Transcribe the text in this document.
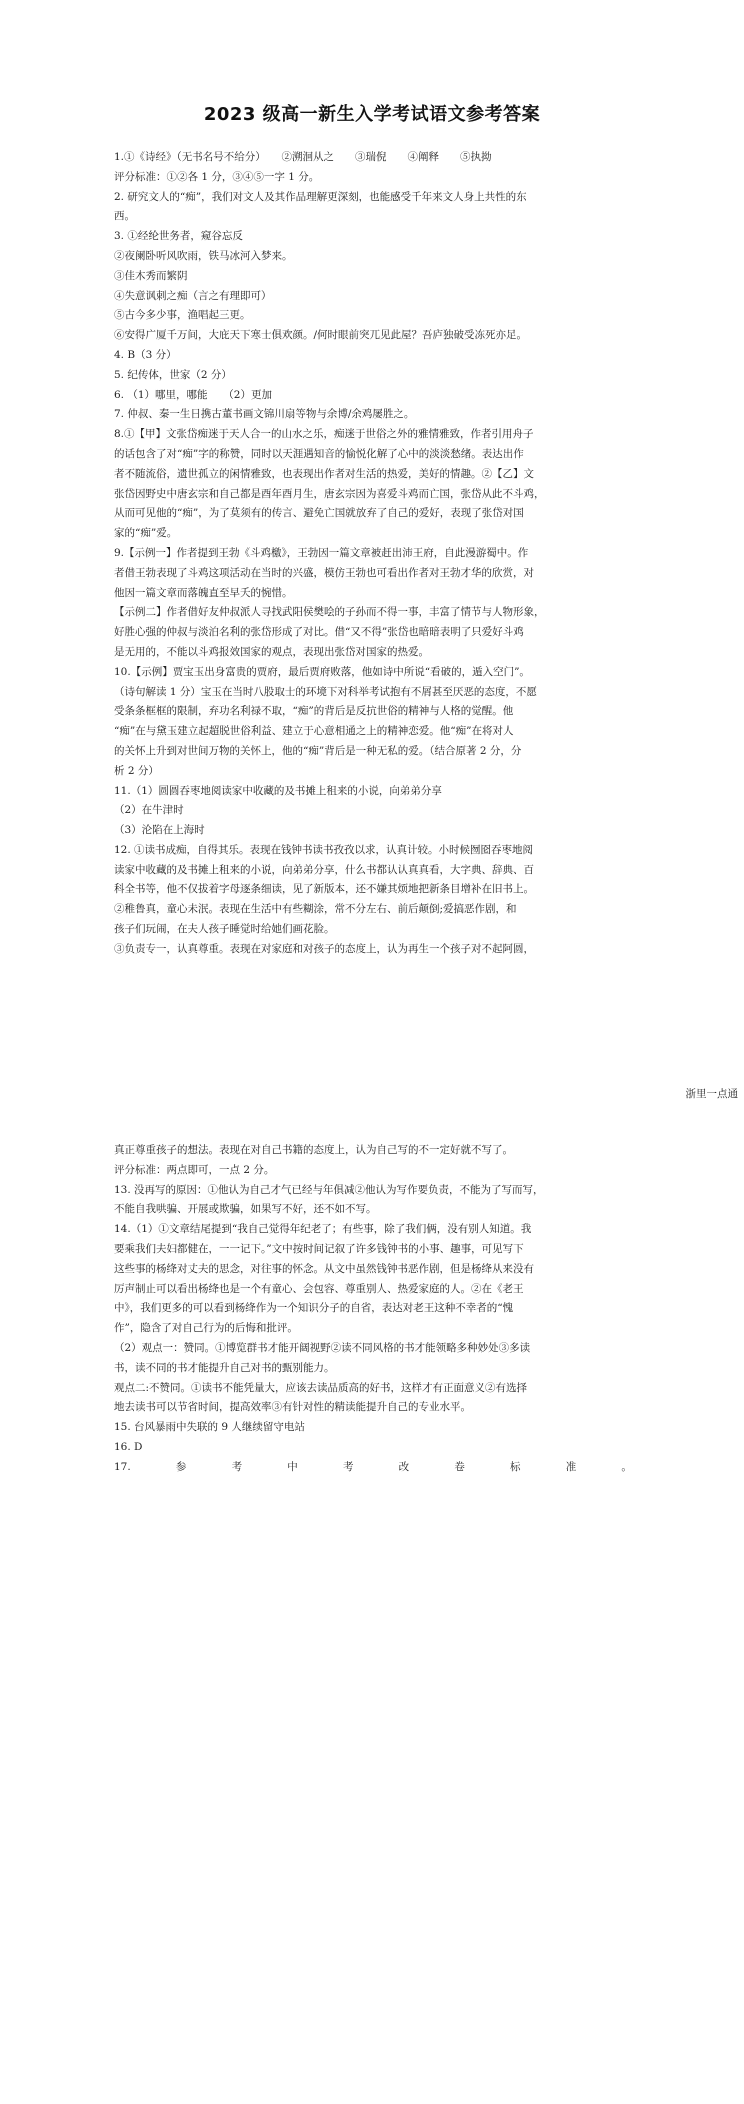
2023 级高一新生入学考试语文参考答案

1.①《诗经》（无书名号不给分）　　②溯洄从之　　③瑞倪　　④阐释　　⑤执拗

评分标准：①②各 1 分，③④⑤一字 1 分。

2. 研究文人的“痴”，我们对文人及其作品理解更深刻，也能感受千年来文人身上共性的东

西。

3. ①经纶世务者，窥谷忘反

②夜阑卧听风吹雨，铁马冰河入梦来。

③佳木秀而繁阴

④失意讽刺之痴（言之有理即可）

⑤古今多少事，渔唱起三更。

⑥安得广厦千万间，大庇天下寒士俱欢颜。/何时眼前突兀见此屋？吾庐独破受冻死亦足。

4. B（3 分）

5. 纪传体，世家（2 分）

6. （1）哪里，哪能　　（2）更加

7. 仲叔、秦一生日携古董书画文锦川扇等物与余博/余鸡屡胜之。

8.①【甲】文张岱痴迷于天人合一的山水之乐，痴迷于世俗之外的雅情雅致，作者引用舟子

的话包含了对“痴”字的称赞，同时以天涯遇知音的愉悦化解了心中的淡淡愁绪。表达出作

者不随流俗，遗世孤立的闲情雅致，也表现出作者对生活的热爱，美好的情趣。②【乙】文

张岱因野史中唐玄宗和自己都是酉年酉月生，唐玄宗因为喜爱斗鸡而亡国，张岱从此不斗鸡，

从而可见他的“痴”，为了莫须有的传言、避免亡国就放弃了自己的爱好，表现了张岱对国

家的“痴”爱。

9.【示例一】作者提到王勃《斗鸡檄》，王勃因一篇文章被赶出沛王府，自此漫游蜀中。作

者借王勃表现了斗鸡这项活动在当时的兴盛，模仿王勃也可看出作者对王勃才华的欣赏，对

他因一篇文章而落魄直至早夭的惋惜。

【示例二】作者借好友仲叔派人寻找武阳侯樊哙的子孙而不得一事，丰富了情节与人物形象，

好胜心强的仲叔与淡泊名利的张岱形成了对比。借“又不得”张岱也暗暗表明了只爱好斗鸡

是无用的，不能以斗鸡报效国家的观点，表现出张岱对国家的热爱。

10.【示例】贾宝玉出身富贵的贾府，最后贾府败落，他如诗中所说“看破的，遁入空门”。

（诗句解读 1 分）宝玉在当时八股取士的环境下对科举考试抱有不屑甚至厌恶的态度，不愿

受条条框框的限制，弃功名利禄不取，“痴”的背后是反抗世俗的精神与人格的觉醒。他

“痴”在与黛玉建立起超脱世俗利益、建立于心意相通之上的精神恋爱。他“痴”在将对人

的关怀上升到对世间万物的关怀上，他的“痴”背后是一种无私的爱。（结合原著 2 分，分

析 2 分）

11.（1）圆圆吞枣地阅读家中收藏的及书摊上租来的小说，向弟弟分享

（2）在牛津时

（3）沦陷在上海时

12. ①读书成痴，自得其乐。表现在钱钟书读书孜孜以求，认真计较。小时候囫囵吞枣地阅

读家中收藏的及书摊上租来的小说，向弟弟分享，什么书都认认真真看，大字典、辞典、百

科全书等，他不仅拔着字母逐条细读，见了新版本，还不嫌其烦地把新条目增补在旧书上。

②稚鲁真，童心未泯。表现在生活中有些糊涂，常不分左右、前后颠倒;爱搞恶作剧，和

孩子们玩闹，在夫人孩子睡觉时给她们画花脸。

③负责专一，认真尊重。表现在对家庭和对孩子的态度上，认为再生一个孩子对不起阿圆，

浙里一点通

真正尊重孩子的想法。表现在对自己书籍的态度上，认为自己写的不一定好就不写了。

评分标准：两点即可，一点 2 分。

13. 没再写的原因：①他认为自己才气已经与年俱减②他认为写作要负责，不能为了写而写，

不能自我哄骗、开展或欺骗，如果写不好，还不如不写。

14.（1）①文章结尾提到“我自己觉得年纪老了；有些事，除了我们俩，没有别人知道。我

要乘我们夫妇都健在，一一记下。”文中按时间记叙了许多钱钟书的小事、趣事，可见写下

这些事的杨绛对丈夫的思念，对往事的怀念。从文中虽然钱钟书恶作剧，但是杨绛从来没有

厉声制止可以看出杨绛也是一个有童心、会包容、尊重别人、热爱家庭的人。②在《老王

中》，我们更多的可以看到杨绛作为一个知识分子的自省，表达对老王这种不幸者的“愧

作”，隐含了对自己行为的后悔和批评。

（2）观点一：赞同。①博览群书才能开阔视野②读不同风格的书才能领略多种妙处③多读

书，读不同的书才能提升自己对书的甄别能力。

观点二:不赞同。①读书不能凭量大，应该去读品质高的好书，这样才有正面意义②有选择

地去读书可以节省时间，提高效率③有针对性的精读能提升自己的专业水平。

15. 台风暴雨中失联的 9 人继续留守电站

16. D

17.	参	考	中	考	改	卷	标	准	。
